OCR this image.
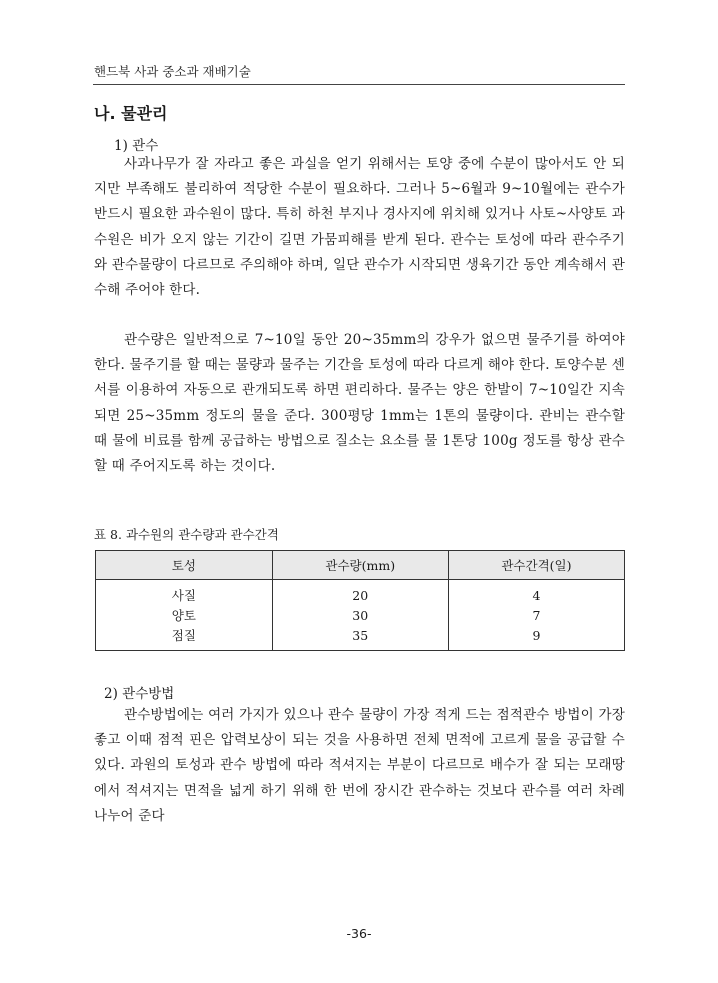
핸드북 사과 중소과 재배기술
나. 물관리
1) 관수

사과나무가 잘 자라고 좋은 과실을 얻기 위해서는 토양 중에 수분이 많아서도 안 되지만 부족해도 불리하여 적당한 수분이 필요하다. 그러나 5~6월과 9~10월에는 관수가 반드시 필요한 과수원이 많다. 특히 하천 부지나 경사지에 위치해 있거나 사토~사양토 과수원은 비가 오지 않는 기간이 길면 가뭄피해를 받게 된다. 관수는 토성에 따라 관수주기와 관수물량이 다르므로 주의해야 하며, 일단 관수가 시작되면 생육기간 동안 계속해서 관수해 주어야 한다.

관수량은 일반적으로 7~10일 동안 20~35mm의 강우가 없으면 물주기를 하여야 한다. 물주기를 할 때는 물량과 물주는 기간을 토성에 따라 다르게 해야 한다. 토양수분 센서를 이용하여 자동으로 관개되도록 하면 편리하다. 물주는 양은 한발이 7~10일간 지속되면 25~35mm 정도의 물을 준다. 300평당 1mm는 1톤의 물량이다. 관비는 관수할 때 물에 비료를 함께 공급하는 방법으로 질소는 요소를 물 1톤당 100g 정도를 항상 관수할 때 주어지도록 하는 것이다.

표 8. 과수원의 관수량과 관수간격
토성	관수량(mm)	관수간격(일)
사질	20	4
양토	30	7
점질	35	9
2) 관수방법

관수방법에는 여러 가지가 있으나 관수 물량이 가장 적게 드는 점적관수 방법이 가장 좋고 이때 점적 핀은 압력보상이 되는 것을 사용하면 전체 면적에 고르게 물을 공급할 수 있다. 과원의 토성과 관수 방법에 따라 적셔지는 부분이 다르므로 배수가 잘 되는 모래땅에서 적셔지는 면적을 넓게 하기 위해 한 번에 장시간 관수하는 것보다 관수를 여러 차례 나누어 준다

-36-
